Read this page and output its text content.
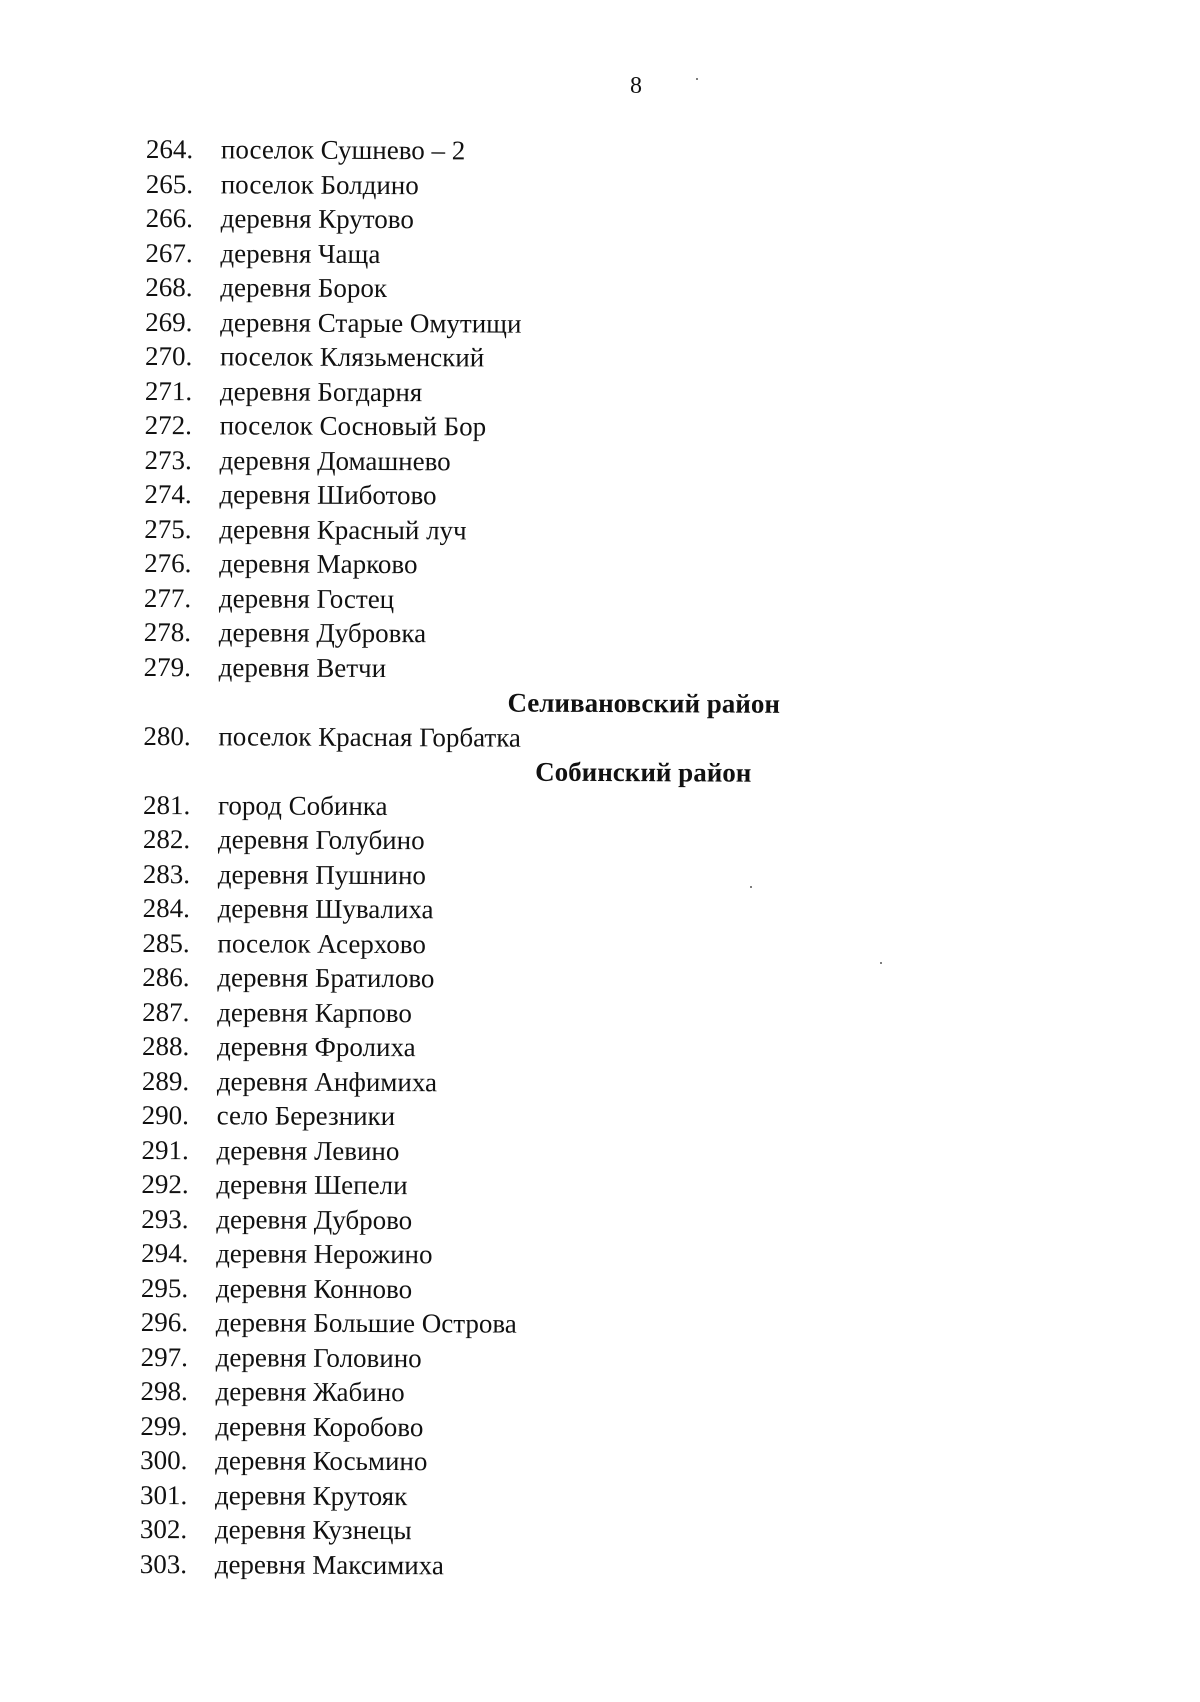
8
264.	поселок Сушнево – 2
265.	поселок Болдино
266.	деревня Крутово
267.	деревня Чаща
268.	деревня Борок
269.	деревня Старые Омутищи
270.	поселок Клязьменский
271.	деревня Богдарня
272.	поселок Сосновый Бор
273.	деревня Домашнево
274.	деревня Шиботово
275.	деревня Красный луч
276.	деревня Марково
277.	деревня Гостец
278.	деревня Дубровка
279.	деревня Ветчи
Селивановский район
280.	поселок Красная Горбатка
Собинский район
281.	город Собинка
282.	деревня Голубино
283.	деревня Пушнино
284.	деревня Шувалиха
285.	поселок Асерхово
286.	деревня Братилово
287.	деревня Карпово
288.	деревня Фролиха
289.	деревня Анфимиха
290.	село Березники
291.	деревня Левино
292.	деревня Шепели
293.	деревня Дуброво
294.	деревня Нерожино
295.	деревня Конново
296.	деревня Большие Острова
297.	деревня Головино
298.	деревня Жабино
299.	деревня Коробово
300.	деревня Косьмино
301.	деревня Крутояк
302.	деревня Кузнецы
303.	деревня Максимиха
